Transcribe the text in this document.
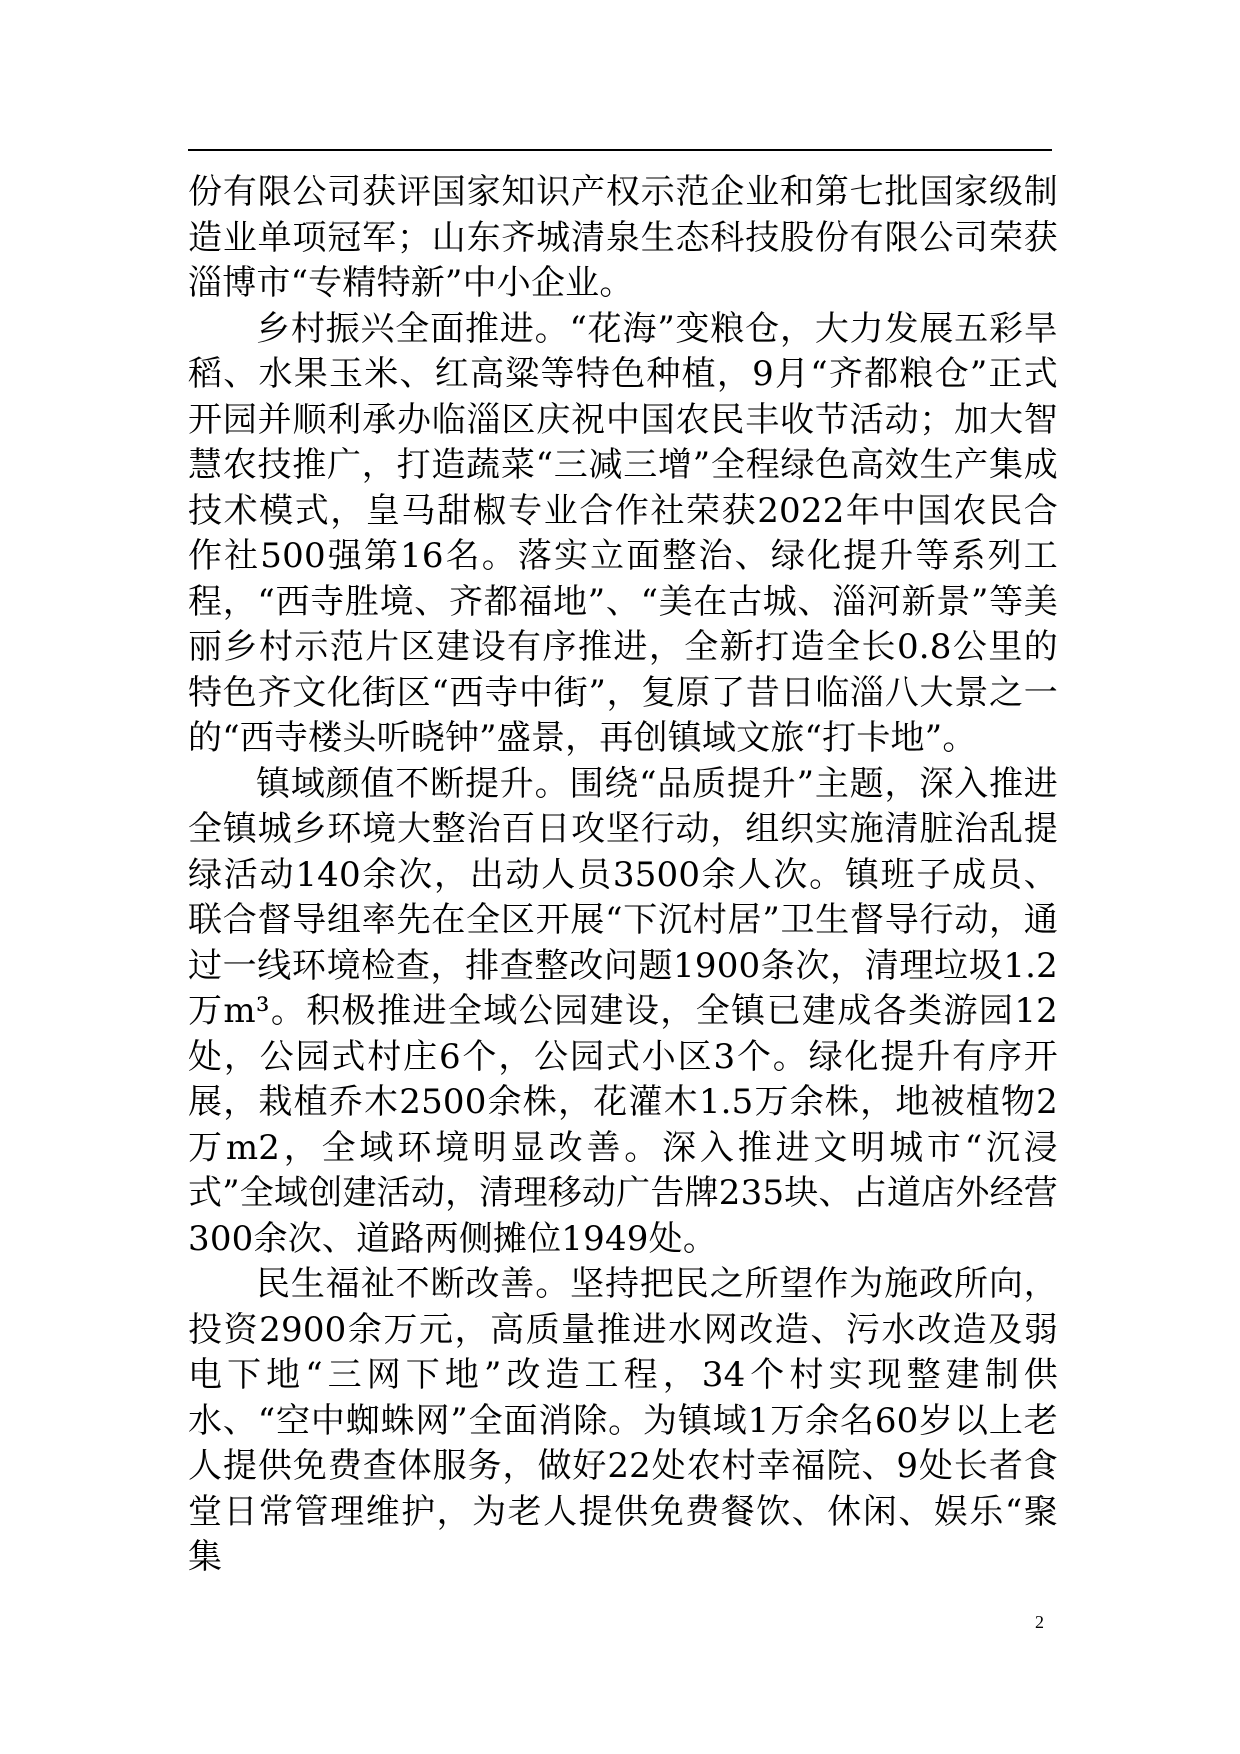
份有限公司获评国家知识产权示范企业和第七批国家级制造业单项冠军；山东齐城清泉生态科技股份有限公司荣获淄博市“专精特新”中小企业。

乡村振兴全面推进。“花海”变粮仓，大力发展五彩旱稻、水果玉米、红高粱等特色种植，9月“齐都粮仓”正式开园并顺利承办临淄区庆祝中国农民丰收节活动；加大智慧农技推广，打造蔬菜“三减三增”全程绿色高效生产集成技术模式，皇马甜椒专业合作社荣获2022年中国农民合作社500强第16名。落实立面整治、绿化提升等系列工程，“西寺胜境、齐都福地”、“美在古城、淄河新景”等美丽乡村示范片区建设有序推进，全新打造全长0.8公里的特色齐文化街区“西寺中街”，复原了昔日临淄八大景之一的“西寺楼头听晓钟”盛景，再创镇域文旅“打卡地”。

镇域颜值不断提升。围绕“品质提升”主题，深入推进全镇城乡环境大整治百日攻坚行动，组织实施清脏治乱提绿活动140余次，出动人员3500余人次。镇班子成员、联合督导组率先在全区开展“下沉村居”卫生督导行动，通过一线环境检查，排查整改问题1900条次，清理垃圾1.2万m³。积极推进全域公园建设，全镇已建成各类游园12处，公园式村庄6个，公园式小区3个。绿化提升有序开展，栽植乔木2500余株，花灌木1.5万余株，地被植物2万m2，全域环境明显改善。深入推进文明城市“沉浸式”全域创建活动，清理移动广告牌235块、占道店外经营300余次、道路两侧摊位1949处。

民生福祉不断改善。坚持把民之所望作为施政所向，投资2900余万元，高质量推进水网改造、污水改造及弱电下地“三网下地”改造工程，34个村实现整建制供水、“空中蜘蛛网”全面消除。为镇域1万余名60岁以上老人提供免费查体服务，做好22处农村幸福院、9处长者食堂日常管理维护，为老人提供免费餐饮、休闲、娱乐“聚集

2
